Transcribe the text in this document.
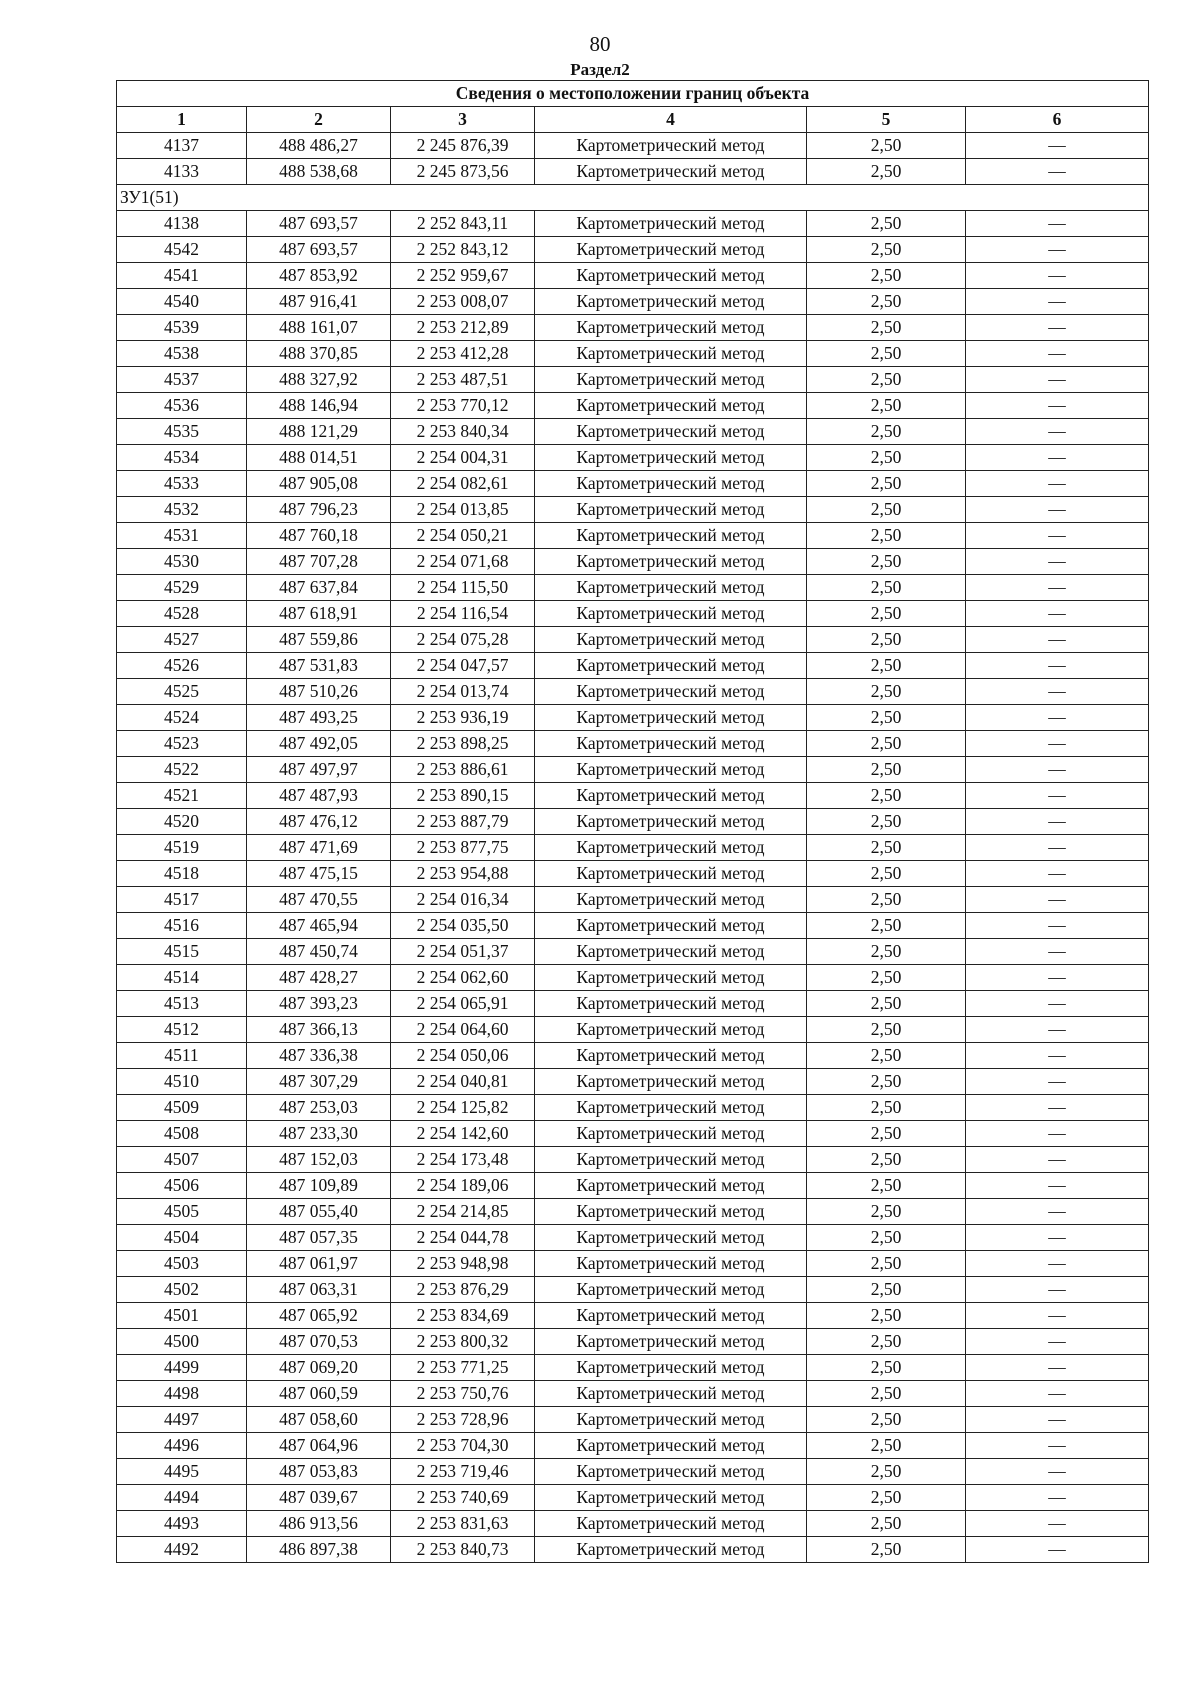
80
Раздел2
Сведения о местоположении границ объекта					
1	2	3	4	5	6
4137	488 486,27	2 245 876,39	Картометрический метод	2,50	—
4133	488 538,68	2 245 873,56	Картометрический метод	2,50	—
ЗУ1(51)					
4138	487 693,57	2 252 843,11	Картометрический метод	2,50	—
4542	487 693,57	2 252 843,12	Картометрический метод	2,50	—
4541	487 853,92	2 252 959,67	Картометрический метод	2,50	—
4540	487 916,41	2 253 008,07	Картометрический метод	2,50	—
4539	488 161,07	2 253 212,89	Картометрический метод	2,50	—
4538	488 370,85	2 253 412,28	Картометрический метод	2,50	—
4537	488 327,92	2 253 487,51	Картометрический метод	2,50	—
4536	488 146,94	2 253 770,12	Картометрический метод	2,50	—
4535	488 121,29	2 253 840,34	Картометрический метод	2,50	—
4534	488 014,51	2 254 004,31	Картометрический метод	2,50	—
4533	487 905,08	2 254 082,61	Картометрический метод	2,50	—
4532	487 796,23	2 254 013,85	Картометрический метод	2,50	—
4531	487 760,18	2 254 050,21	Картометрический метод	2,50	—
4530	487 707,28	2 254 071,68	Картометрический метод	2,50	—
4529	487 637,84	2 254 115,50	Картометрический метод	2,50	—
4528	487 618,91	2 254 116,54	Картометрический метод	2,50	—
4527	487 559,86	2 254 075,28	Картометрический метод	2,50	—
4526	487 531,83	2 254 047,57	Картометрический метод	2,50	—
4525	487 510,26	2 254 013,74	Картометрический метод	2,50	—
4524	487 493,25	2 253 936,19	Картометрический метод	2,50	—
4523	487 492,05	2 253 898,25	Картометрический метод	2,50	—
4522	487 497,97	2 253 886,61	Картометрический метод	2,50	—
4521	487 487,93	2 253 890,15	Картометрический метод	2,50	—
4520	487 476,12	2 253 887,79	Картометрический метод	2,50	—
4519	487 471,69	2 253 877,75	Картометрический метод	2,50	—
4518	487 475,15	2 253 954,88	Картометрический метод	2,50	—
4517	487 470,55	2 254 016,34	Картометрический метод	2,50	—
4516	487 465,94	2 254 035,50	Картометрический метод	2,50	—
4515	487 450,74	2 254 051,37	Картометрический метод	2,50	—
4514	487 428,27	2 254 062,60	Картометрический метод	2,50	—
4513	487 393,23	2 254 065,91	Картометрический метод	2,50	—
4512	487 366,13	2 254 064,60	Картометрический метод	2,50	—
4511	487 336,38	2 254 050,06	Картометрический метод	2,50	—
4510	487 307,29	2 254 040,81	Картометрический метод	2,50	—
4509	487 253,03	2 254 125,82	Картометрический метод	2,50	—
4508	487 233,30	2 254 142,60	Картометрический метод	2,50	—
4507	487 152,03	2 254 173,48	Картометрический метод	2,50	—
4506	487 109,89	2 254 189,06	Картометрический метод	2,50	—
4505	487 055,40	2 254 214,85	Картометрический метод	2,50	—
4504	487 057,35	2 254 044,78	Картометрический метод	2,50	—
4503	487 061,97	2 253 948,98	Картометрический метод	2,50	—
4502	487 063,31	2 253 876,29	Картометрический метод	2,50	—
4501	487 065,92	2 253 834,69	Картометрический метод	2,50	—
4500	487 070,53	2 253 800,32	Картометрический метод	2,50	—
4499	487 069,20	2 253 771,25	Картометрический метод	2,50	—
4498	487 060,59	2 253 750,76	Картометрический метод	2,50	—
4497	487 058,60	2 253 728,96	Картометрический метод	2,50	—
4496	487 064,96	2 253 704,30	Картометрический метод	2,50	—
4495	487 053,83	2 253 719,46	Картометрический метод	2,50	—
4494	487 039,67	2 253 740,69	Картометрический метод	2,50	—
4493	486 913,56	2 253 831,63	Картометрический метод	2,50	—
4492	486 897,38	2 253 840,73	Картометрический метод	2,50	—
